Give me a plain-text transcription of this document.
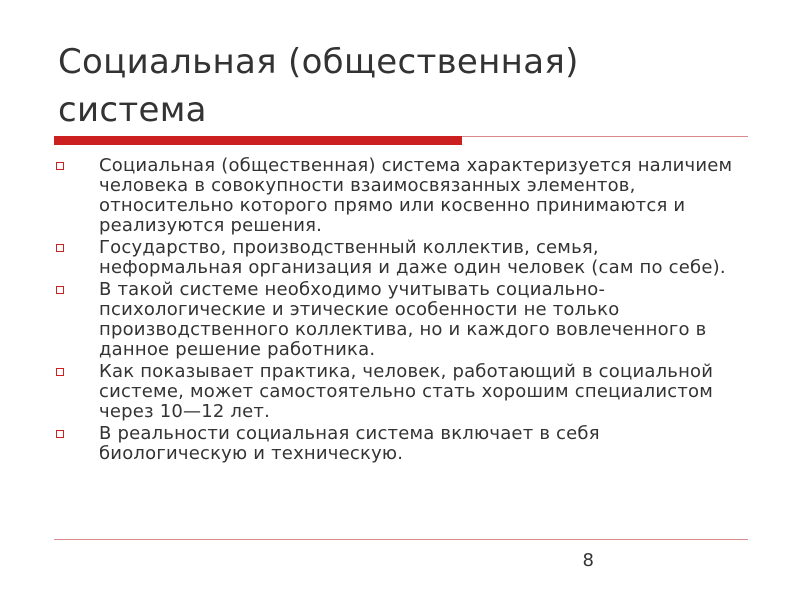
Социальная (общественная) система
Социальная (общественная) система характеризуется наличием человека в совокупности взаимосвязанных элементов, относительно которого прямо или косвенно принимаются и реализуются решения.
Государство, производственный коллектив, семья, неформальная организация и даже один человек (сам по себе).
В такой системе необходимо учитывать социально-психологические и этические особенности не только производственного коллектива, но и каждого вовлеченного в данное решение работника.
Как показывает практика, человек, работающий в социальной системе, может самостоятельно стать хорошим специалистом через 10—12 лет.
В реальности социальная система включает в себя биологическую и техническую.
8
